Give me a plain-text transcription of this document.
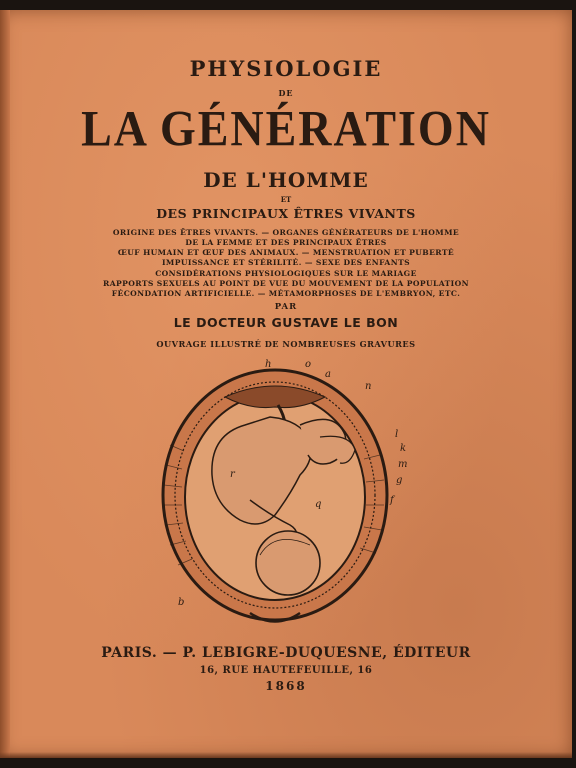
PHYSIOLOGIE
DE
LA GÉNÉRATION
DE L'HOMME
ET
DES PRINCIPAUX ÊTRES VIVANTS
ORIGINE DES ÊTRES VIVANTS. — ORGANES GÉNÉRATEURS DE L'HOMME
DE LA FEMME ET DES PRINCIPAUX ÊTRES
ŒUF HUMAIN ET ŒUF DES ANIMAUX. — MENSTRUATION ET PUBERTÉ
IMPUISSANCE ET STÉRILITÉ. — SEXE DES ENFANTS
CONSIDÉRATIONS PHYSIOLOGIQUES SUR LE MARIAGE
RAPPORTS SEXUELS AU POINT DE VUE DU MOUVEMENT DE LA POPULATION
FÉCONDATION ARTIFICIELLE. — MÉTAMORPHOSES DE L'EMBRYON, ETC.
PAR
LE DOCTEUR GUSTAVE LE BON
OUVRAGE ILLUSTRÉ DE NOMBREUSES GRAVURES
h	o
a
n
l
k
m
g
f
r
q
b
PARIS. — P. LEBIGRE-DUQUESNE, ÉDITEUR
16, RUE HAUTEFEUILLE, 16
1868
